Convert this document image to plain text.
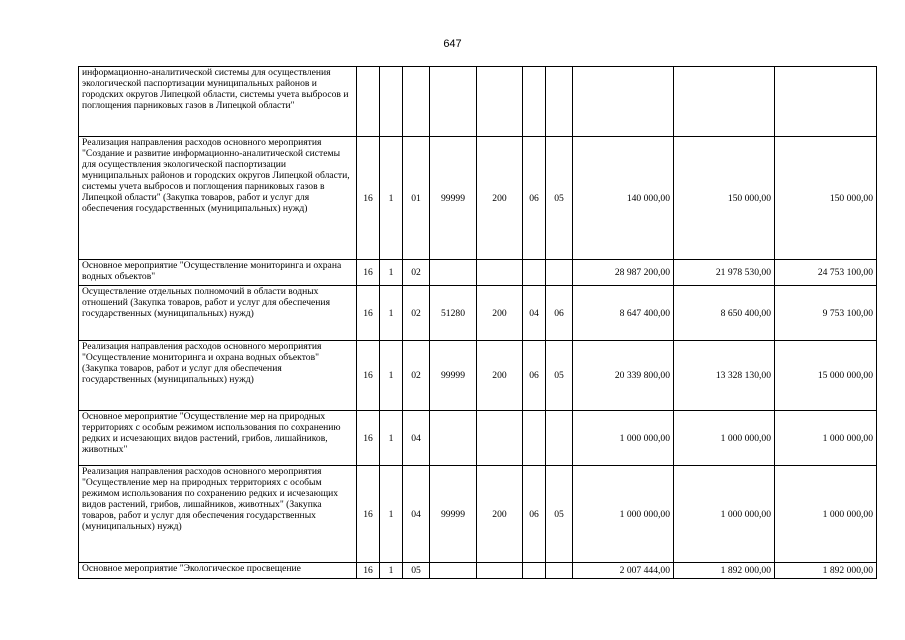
647
информационно-аналитической системы для осуществления экологической паспортизации муниципальных районов и городских округов Липецкой области, системы учета выбросов и поглощения парниковых газов в Липецкой области"										
Реализация направления расходов основного мероприятия "Создание и развитие информационно-аналитической системы для осуществления экологической паспортизации муниципальных районов и городских округов Липецкой области, системы учета выбросов и поглощения парниковых газов в Липецкой области" (Закупка товаров, работ и услуг для обеспечения государственных (муниципальных) нужд)	16	1	01	99999	200	06	05	140 000,00	150 000,00	150 000,00
Основное мероприятие "Осуществление мониторинга и охрана водных объектов"	16	1	02					28 987 200,00	21 978 530,00	24 753 100,00
Осуществление отдельных полномочий в области водных отношений (Закупка товаров, работ и услуг для обеспечения государственных (муниципальных) нужд)	16	1	02	51280	200	04	06	8 647 400,00	8 650 400,00	9 753 100,00
Реализация направления расходов основного мероприятия "Осуществление мониторинга и охрана водных объектов" (Закупка товаров, работ и услуг для обеспечения государственных (муниципальных) нужд)	16	1	02	99999	200	06	05	20 339 800,00	13 328 130,00	15 000 000,00
Основное мероприятие "Осуществление мер на природных территориях с особым режимом использования по сохранению редких и исчезающих видов растений, грибов, лишайников, животных"	16	1	04					1 000 000,00	1 000 000,00	1 000 000,00
Реализация направления расходов основного мероприятия "Осуществление мер на природных территориях с особым режимом использования по сохранению редких и исчезающих видов растений, грибов, лишайников, животных" (Закупка товаров, работ и услуг для обеспечения государственных (муниципальных) нужд)	16	1	04	99999	200	06	05	1 000 000,00	1 000 000,00	1 000 000,00
Основное мероприятие "Экологическое просвещение	16	1	05					2 007 444,00	1 892 000,00	1 892 000,00
